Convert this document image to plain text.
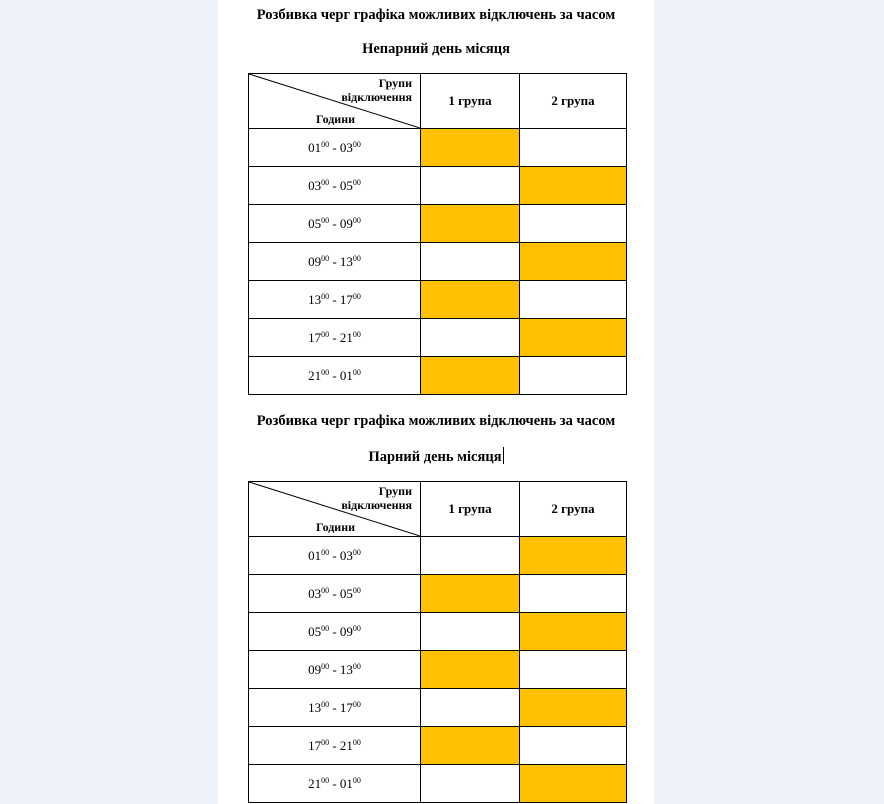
Розбивка черг графіка можливих відключень за часом
Непарний день місяця
Групи
відключення
Години	1 група	2 група
$01^{00} - 03^{00}$		
$03^{00} - 05^{00}$		
$05^{00} - 09^{00}$		
$09^{00} - 13^{00}$		
$13^{00} - 17^{00}$		
$17^{00} - 21^{00}$		
$21^{00} - 01^{00}$		
Розбивка черг графіка можливих відключень за часом
Парний день місяця
Групи
відключення
Години	1 група	2 група
$01^{00} - 03^{00}$		
$03^{00} - 05^{00}$		
$05^{00} - 09^{00}$		
$09^{00} - 13^{00}$		
$13^{00} - 17^{00}$		
$17^{00} - 21^{00}$		
$21^{00} - 01^{00}$		
